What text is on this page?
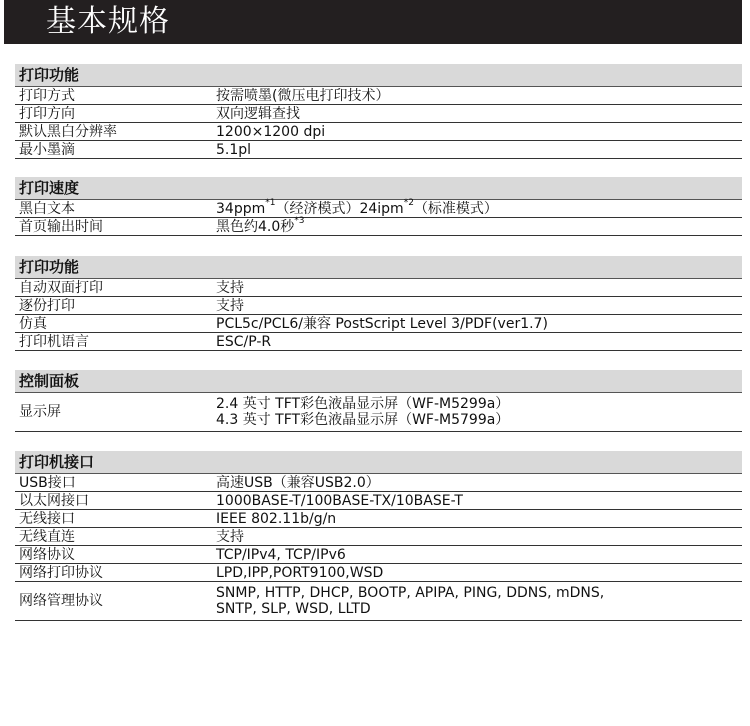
基本规格
打印功能
打印方式	按需喷墨(微压电打印技术）
打印方向	双向逻辑查找
默认黑白分辨率	1200×1200 dpi
最小墨滴	5.1pl
打印速度
黑白文本	34ppm$^{*1}$（经济模式）24ipm$^{*2}$（标准模式）
首页输出时间	黑色约4.0秒$^{*3}$
打印功能
自动双面打印	支持
逐份打印	支持
仿真	PCL5c/PCL6/兼容 PostScript Level 3/PDF(ver1.7)
打印机语言	ESC/P-R
控制面板
显示屏	2.4 英寸 TFT彩色液晶显示屏（WF-M5299a）
4.3 英寸 TFT彩色液晶显示屏（WF-M5799a）
打印机接口
USB接口	高速USB（兼容USB2.0）
以太网接口	1000BASE-T/100BASE-TX/10BASE-T
无线接口	IEEE 802.11b/g/n
无线直连	支持
网络协议	TCP/IPv4, TCP/IPv6
网络打印协议	LPD,IPP,PORT9100,WSD
网络管理协议	SNMP, HTTP, DHCP, BOOTP, APIPA, PING, DDNS, mDNS,
SNTP, SLP, WSD, LLTD
